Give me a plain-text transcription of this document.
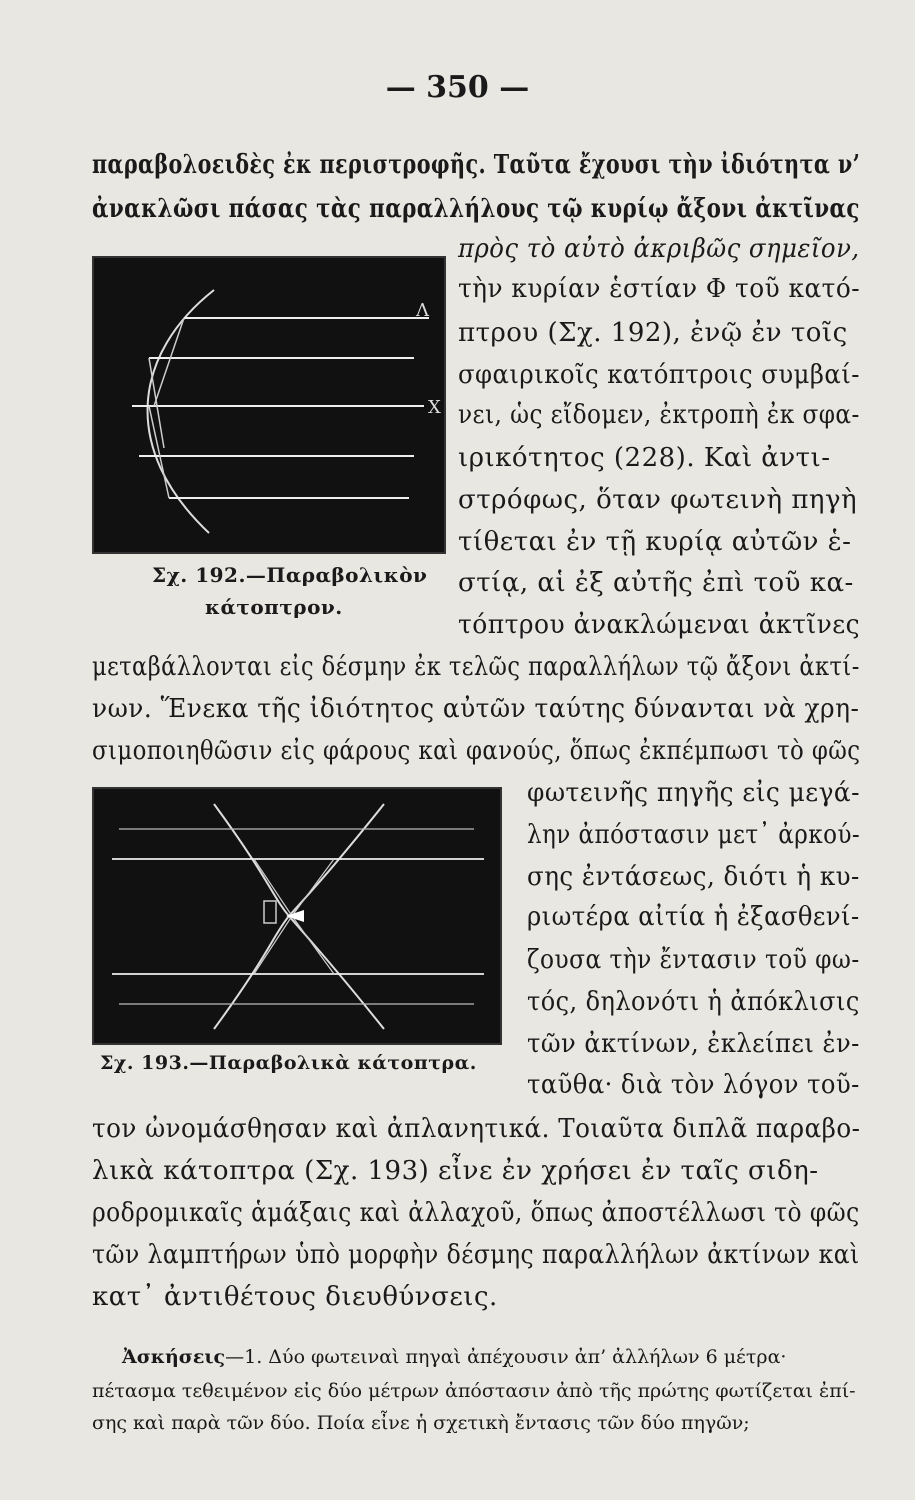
— 350 —
παραβολοειδὲς ἐκ περιστροφῆς. Ταῦτα ἔχουσι τὴν ἰδιότητα ν’
ἀνακλῶσι πάσας τὰς παραλλήλους τῷ κυρίῳ ἄξονι ἀκτῖνας
Λ
Χ
Σχ. 192.—Παραβολικὸν
κάτοπτρον.
πρὸς τὸ αὐτὸ ἀκριβῶς σημεῖον,
τὴν κυρίαν ἑστίαν Φ τοῦ κατό-
πτρου (Σχ. 192), ἐνῷ ἐν τοῖς
σφαιρικοῖς κατόπτροις συμβαί-
νει, ὡς εἴδομεν, ἐκτροπὴ ἐκ σφα-
ιρικότητος (228). Καὶ ἀντι-
στρόφως, ὅταν φωτεινὴ πηγὴ
τίθεται ἐν τῇ κυρίᾳ αὐτῶν ἑ-
στίᾳ, αἱ ἐξ αὐτῆς ἐπὶ τοῦ κα-
τόπτρου ἀνακλώμεναι ἀκτῖνες
μεταβάλλονται εἰς δέσμην ἐκ τελῶς παραλλήλων τῷ ἄξονι ἀκτί-
νων. Ἕνεκα τῆς ἰδιότητος αὐτῶν ταύτης δύνανται νὰ χρη-
σιμοποιηθῶσιν εἰς φάρους καὶ φανούς, ὅπως ἐκπέμπωσι τὸ φῶς
Σχ. 193.—Παραβολικὰ κάτοπτρα.
φωτεινῆς πηγῆς εἰς μεγά-
λην ἀπόστασιν μετ᾽ ἀρκού-
σης ἐντάσεως, διότι ἡ κυ-
ριωτέρα αἰτία ἡ ἐξασθενί-
ζουσα τὴν ἔντασιν τοῦ φω-
τός, δηλονότι ἡ ἀπόκλισις
τῶν ἀκτίνων, ἐκλείπει ἐν-
ταῦθα· διὰ τὸν λόγον τοῦ-
τον ὠνομάσθησαν καὶ ἀπλανητικά. Τοιαῦτα διπλᾶ παραβο-
λικὰ κάτοπτρα (Σχ. 193) εἶνε ἐν χρήσει ἐν ταῖς σιδη-
ροδρομικαῖς ἁμάξαις καὶ ἀλλαχοῦ, ὅπως ἀποστέλλωσι τὸ φῶς
τῶν λαμπτήρων ὑπὸ μορφὴν δέσμης παραλλήλων ἀκτίνων καὶ
κατ᾽ ἀντιθέτους διευθύνσεις.
Ἀσκήσεις—1. Δύο φωτειναὶ πηγαὶ ἀπέχουσιν ἀπ’ ἀλλήλων 6 μέτρα·
πέτασμα τεθειμένον εἰς δύο μέτρων ἀπόστασιν ἀπὸ τῆς πρώτης φωτίζεται ἐπί-
σης καὶ παρὰ τῶν δύο. Ποία εἶνε ἡ σχετικὴ ἔντασις τῶν δύο πηγῶν;
